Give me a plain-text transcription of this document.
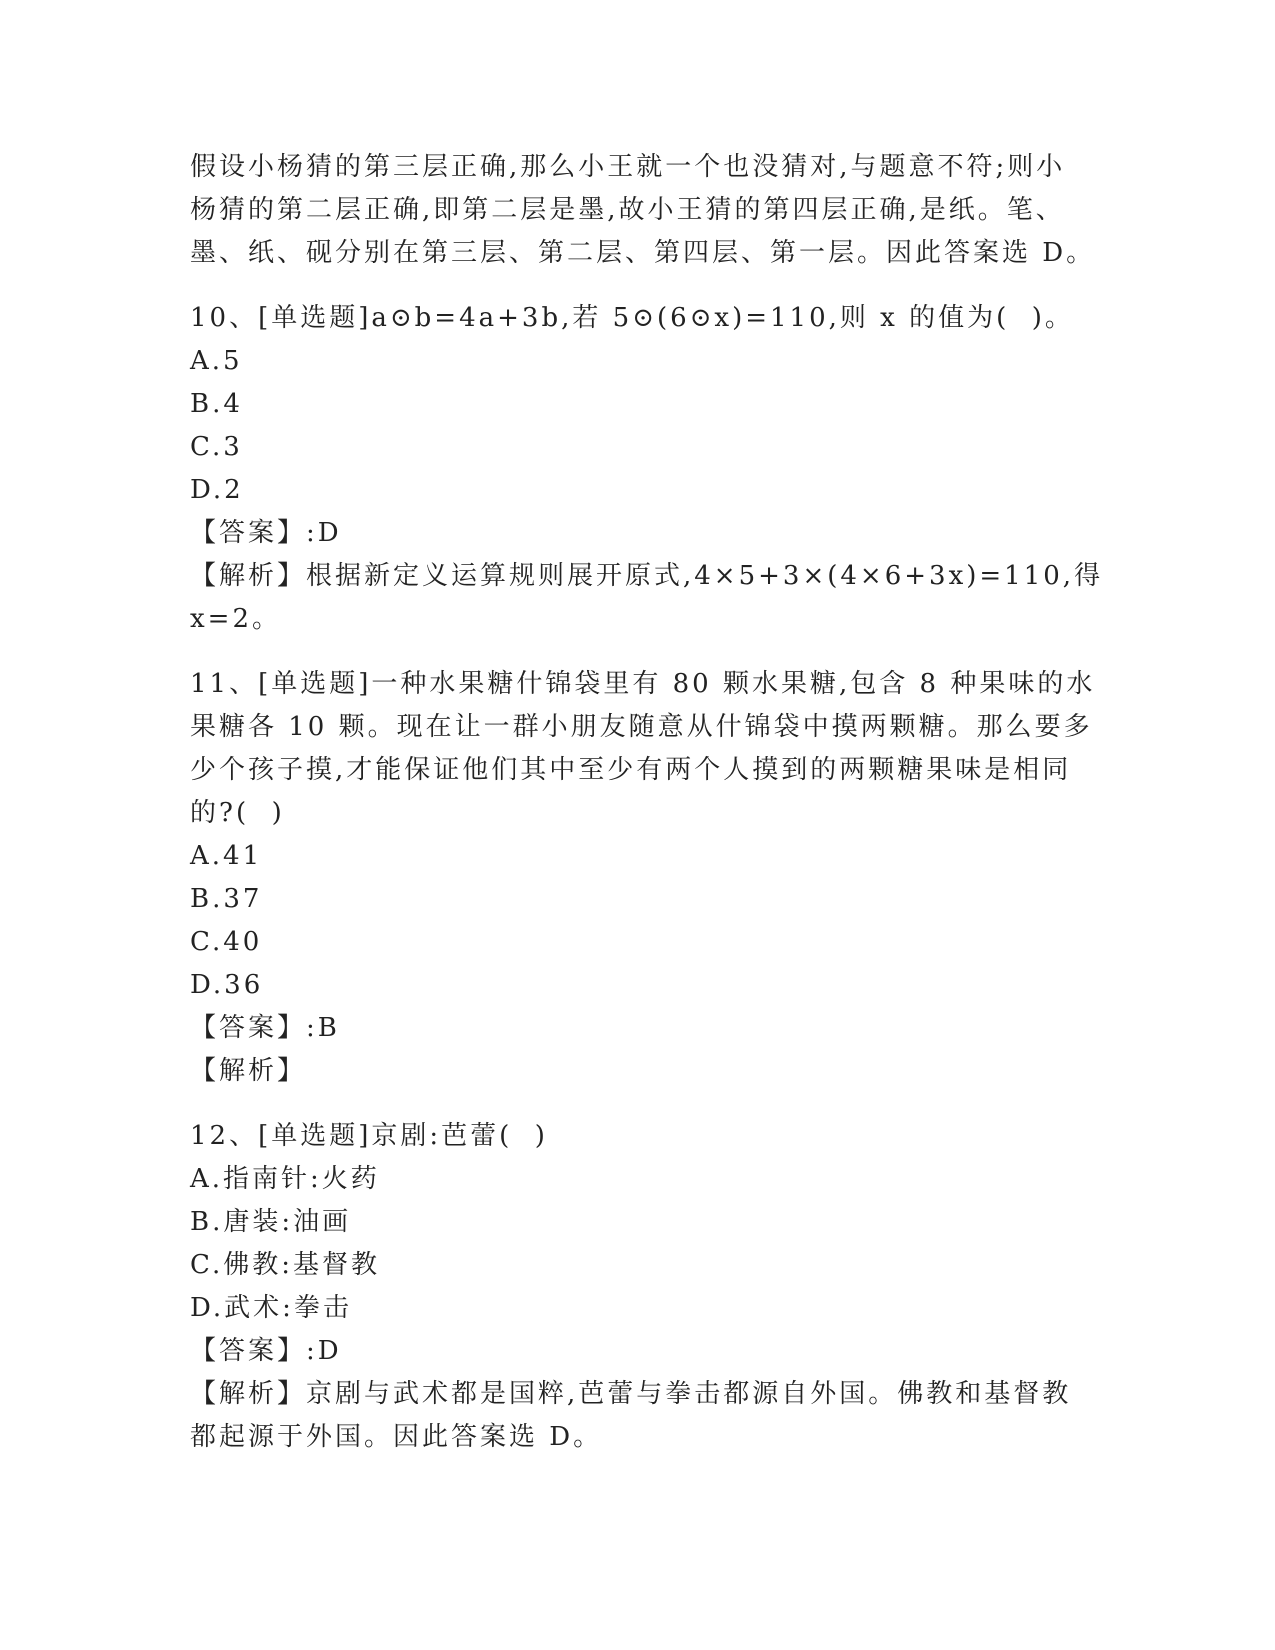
假设小杨猜的第三层正确,那么小王就一个也没猜对,与题意不符;则小
杨猜的第二层正确,即第二层是墨,故小王猜的第四层正确,是纸。笔、
墨、纸、砚分别在第三层、第二层、第四层、第一层。因此答案选 D。
10、[单选题]a⊙b=4a+3b,若 5⊙(6⊙x)=110,则 x 的值为(  )。
A.5
B.4
C.3
D.2
【答案】:D
【解析】根据新定义运算规则展开原式,4×5+3×(4×6+3x)=110,得
x=2。
11、[单选题]一种水果糖什锦袋里有 80 颗水果糖,包含 8 种果味的水
果糖各 10 颗。现在让一群小朋友随意从什锦袋中摸两颗糖。那么要多
少个孩子摸,才能保证他们其中至少有两个人摸到的两颗糖果味是相同
的?(  )
A.41
B.37
C.40
D.36
【答案】:B
【解析】
12、[单选题]京剧:芭蕾(  )
A.指南针:火药
B.唐装:油画
C.佛教:基督教
D.武术:拳击
【答案】:D
【解析】京剧与武术都是国粹,芭蕾与拳击都源自外国。佛教和基督教
都起源于外国。因此答案选 D。
